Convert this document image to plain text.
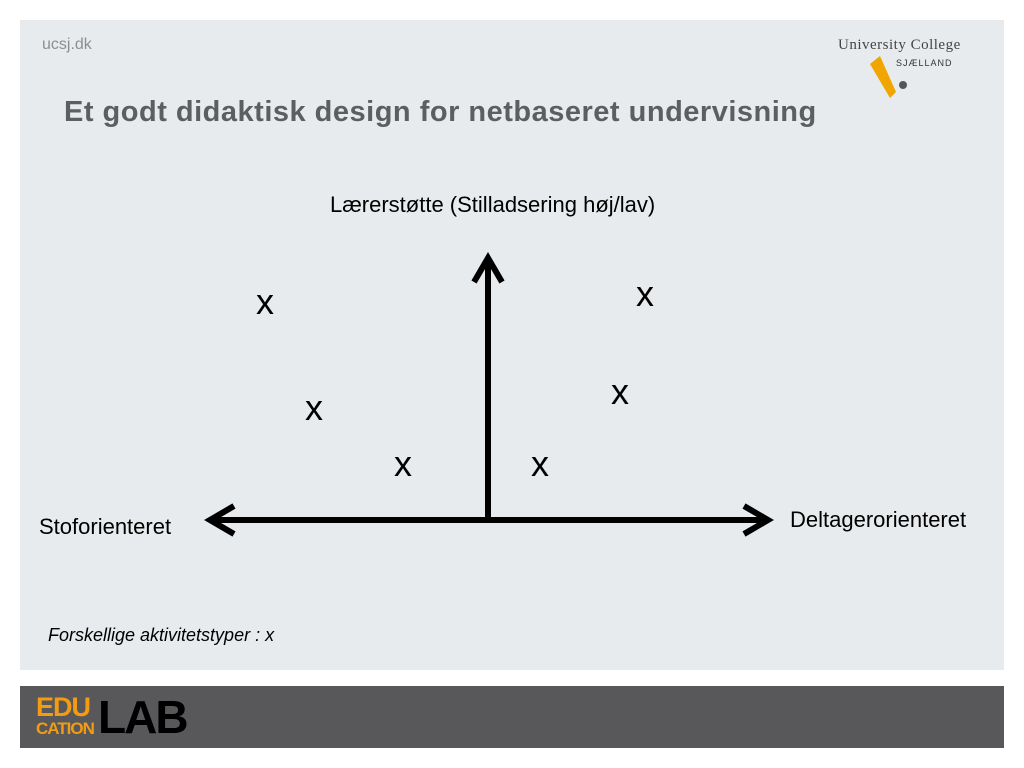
ucsj.dk	University College
SJÆLLAND
Et godt didaktisk design for netbaseret undervisning
Lærerstøtte (Stilladsering høj/lav)
Stoforienteret	Deltagerorienteret
x	x
x
x
x	x
Forskellige aktivitetstyper : x
EDU
CATION LAB
